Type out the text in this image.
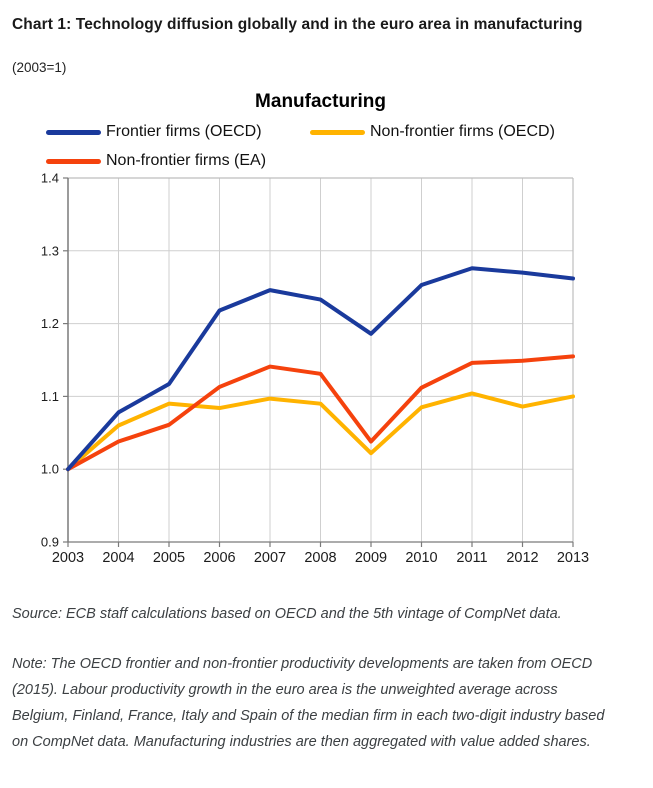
Chart 1: Technology diffusion globally and in the euro area in manufacturing
(2003=1)
Manufacturing
Frontier firms (OECD)	Non-frontier firms (OECD)
Non-frontier firms (EA)
0.9
1.0
1.1
1.2
1.3
1.4
2003 2004 2005 2006 2007 2008 2009 2010 2011 2012 2013

Source: ECB staff calculations based on OECD and the 5th vintage of CompNet data.

Note: The OECD frontier and non-frontier productivity developments are taken from OECD (2015). Labour productivity growth in the euro area is the unweighted average across Belgium, Finland, France, Italy and Spain of the median firm in each two-digit industry based on CompNet data. Manufacturing industries are then aggregated with value added shares.
